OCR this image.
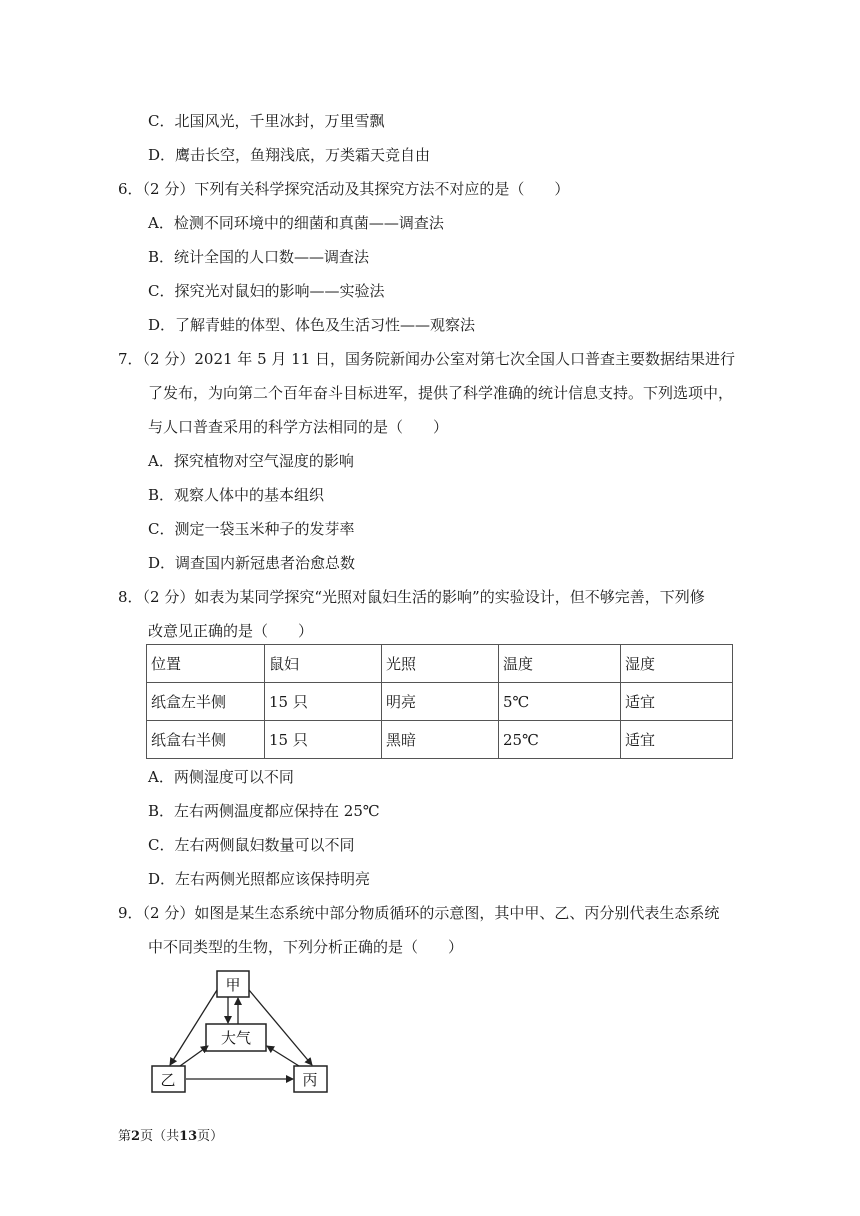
C．北国风光，千里冰封，万里雪飘
D．鹰击长空，鱼翔浅底，万类霜天竞自由
6．（2 分）下列有关科学探究活动及其探究方法不对应的是（　　）
A．检测不同环境中的细菌和真菌——调查法
B．统计全国的人口数——调查法
C．探究光对鼠妇的影响——实验法
D．了解青蛙的体型、体色及生活习性——观察法
7．（2 分）2021 年 5 月 11 日，国务院新闻办公室对第七次全国人口普查主要数据结果进行
了发布，为向第二个百年奋斗目标进军，提供了科学准确的统计信息支持。下列选项中，
与人口普查采用的科学方法相同的是（　　）
A．探究植物对空气湿度的影响
B．观察人体中的基本组织
C．测定一袋玉米种子的发芽率
D．调查国内新冠患者治愈总数
8．（2 分）如表为某同学探究“光照对鼠妇生活的影响”的实验设计，但不够完善，下列修
改意见正确的是（　　）
位置	鼠妇	光照	温度	湿度
纸盒左半侧	15 只	明亮	5℃	适宜
纸盒右半侧	15 只	黑暗	25℃	适宜
A．两侧湿度可以不同
B．左右两侧温度都应保持在 25℃
C．左右两侧鼠妇数量可以不同
D．左右两侧光照都应该保持明亮
9．（2 分）如图是某生态系统中部分物质循环的示意图，其中甲、乙、丙分别代表生态系统
中不同类型的生物，下列分析正确的是（　　）
甲
大气
乙	丙
第2页（共13页）
